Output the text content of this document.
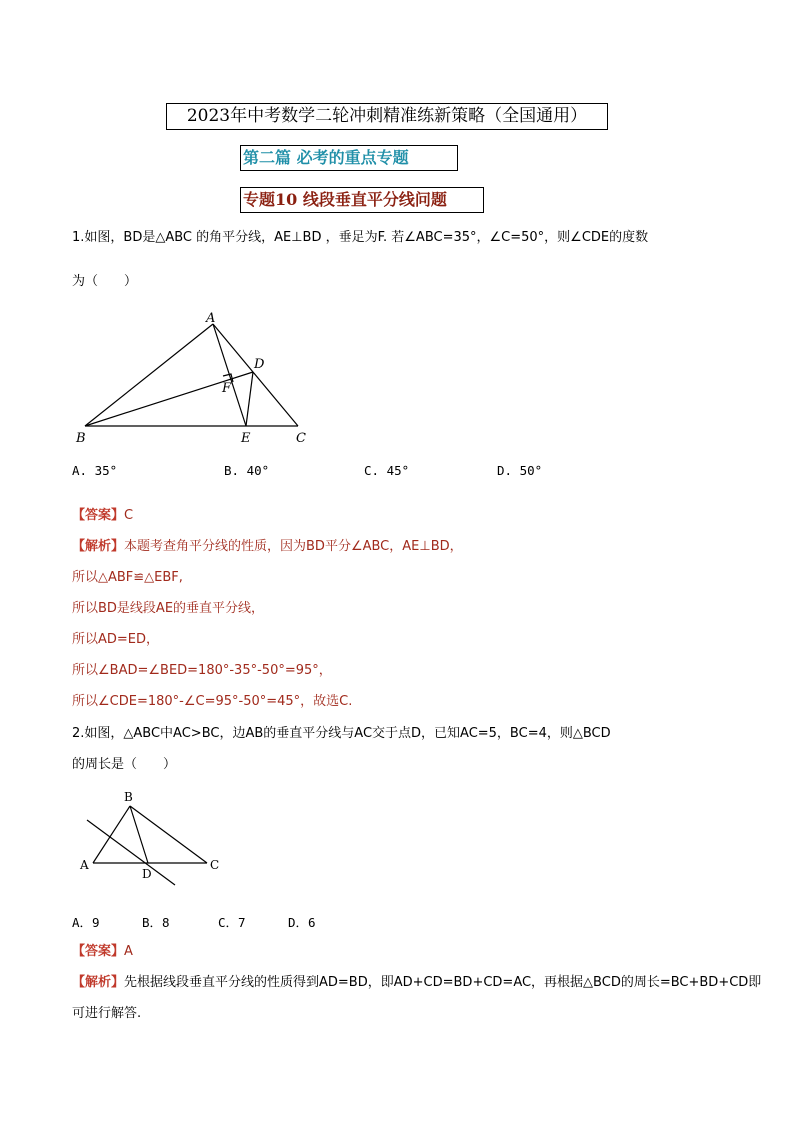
2023年中考数学二轮冲刺精准练新策略（全国通用）
第二篇 必考的重点专题
专题10 线段垂直平分线问题
1.如图，BD是△ABC 的角平分线，AE⊥BD ，垂足为F. 若∠ABC=35°，∠C=50°，则∠CDE的度数
为（　　）
A
B	C
D
E
F
A. 35°	B. 40°	C. 45°	D. 50°
【答案】C
【解析】本题考查角平分线的性质，因为BD平分∠ABC，AE⊥BD，
所以△ABF≌△EBF,
所以BD是线段AE的垂直平分线，
所以AD=ED，
所以∠BAD=∠BED=180°-35°-50°=95°，
所以∠CDE=180°-∠C=95°-50°=45°，故选C.
2.如图，△ABC中AC>BC，边AB的垂直平分线与AC交于点D，已知AC=5，BC=4，则△BCD
的周长是（　　）
B
A	C
D
A．9	B．8	C．7	D．6
【答案】A
【解析】先根据线段垂直平分线的性质得到AD=BD，即AD+CD=BD+CD=AC，再根据△BCD的周长=BC+BD+CD即
可进行解答.
